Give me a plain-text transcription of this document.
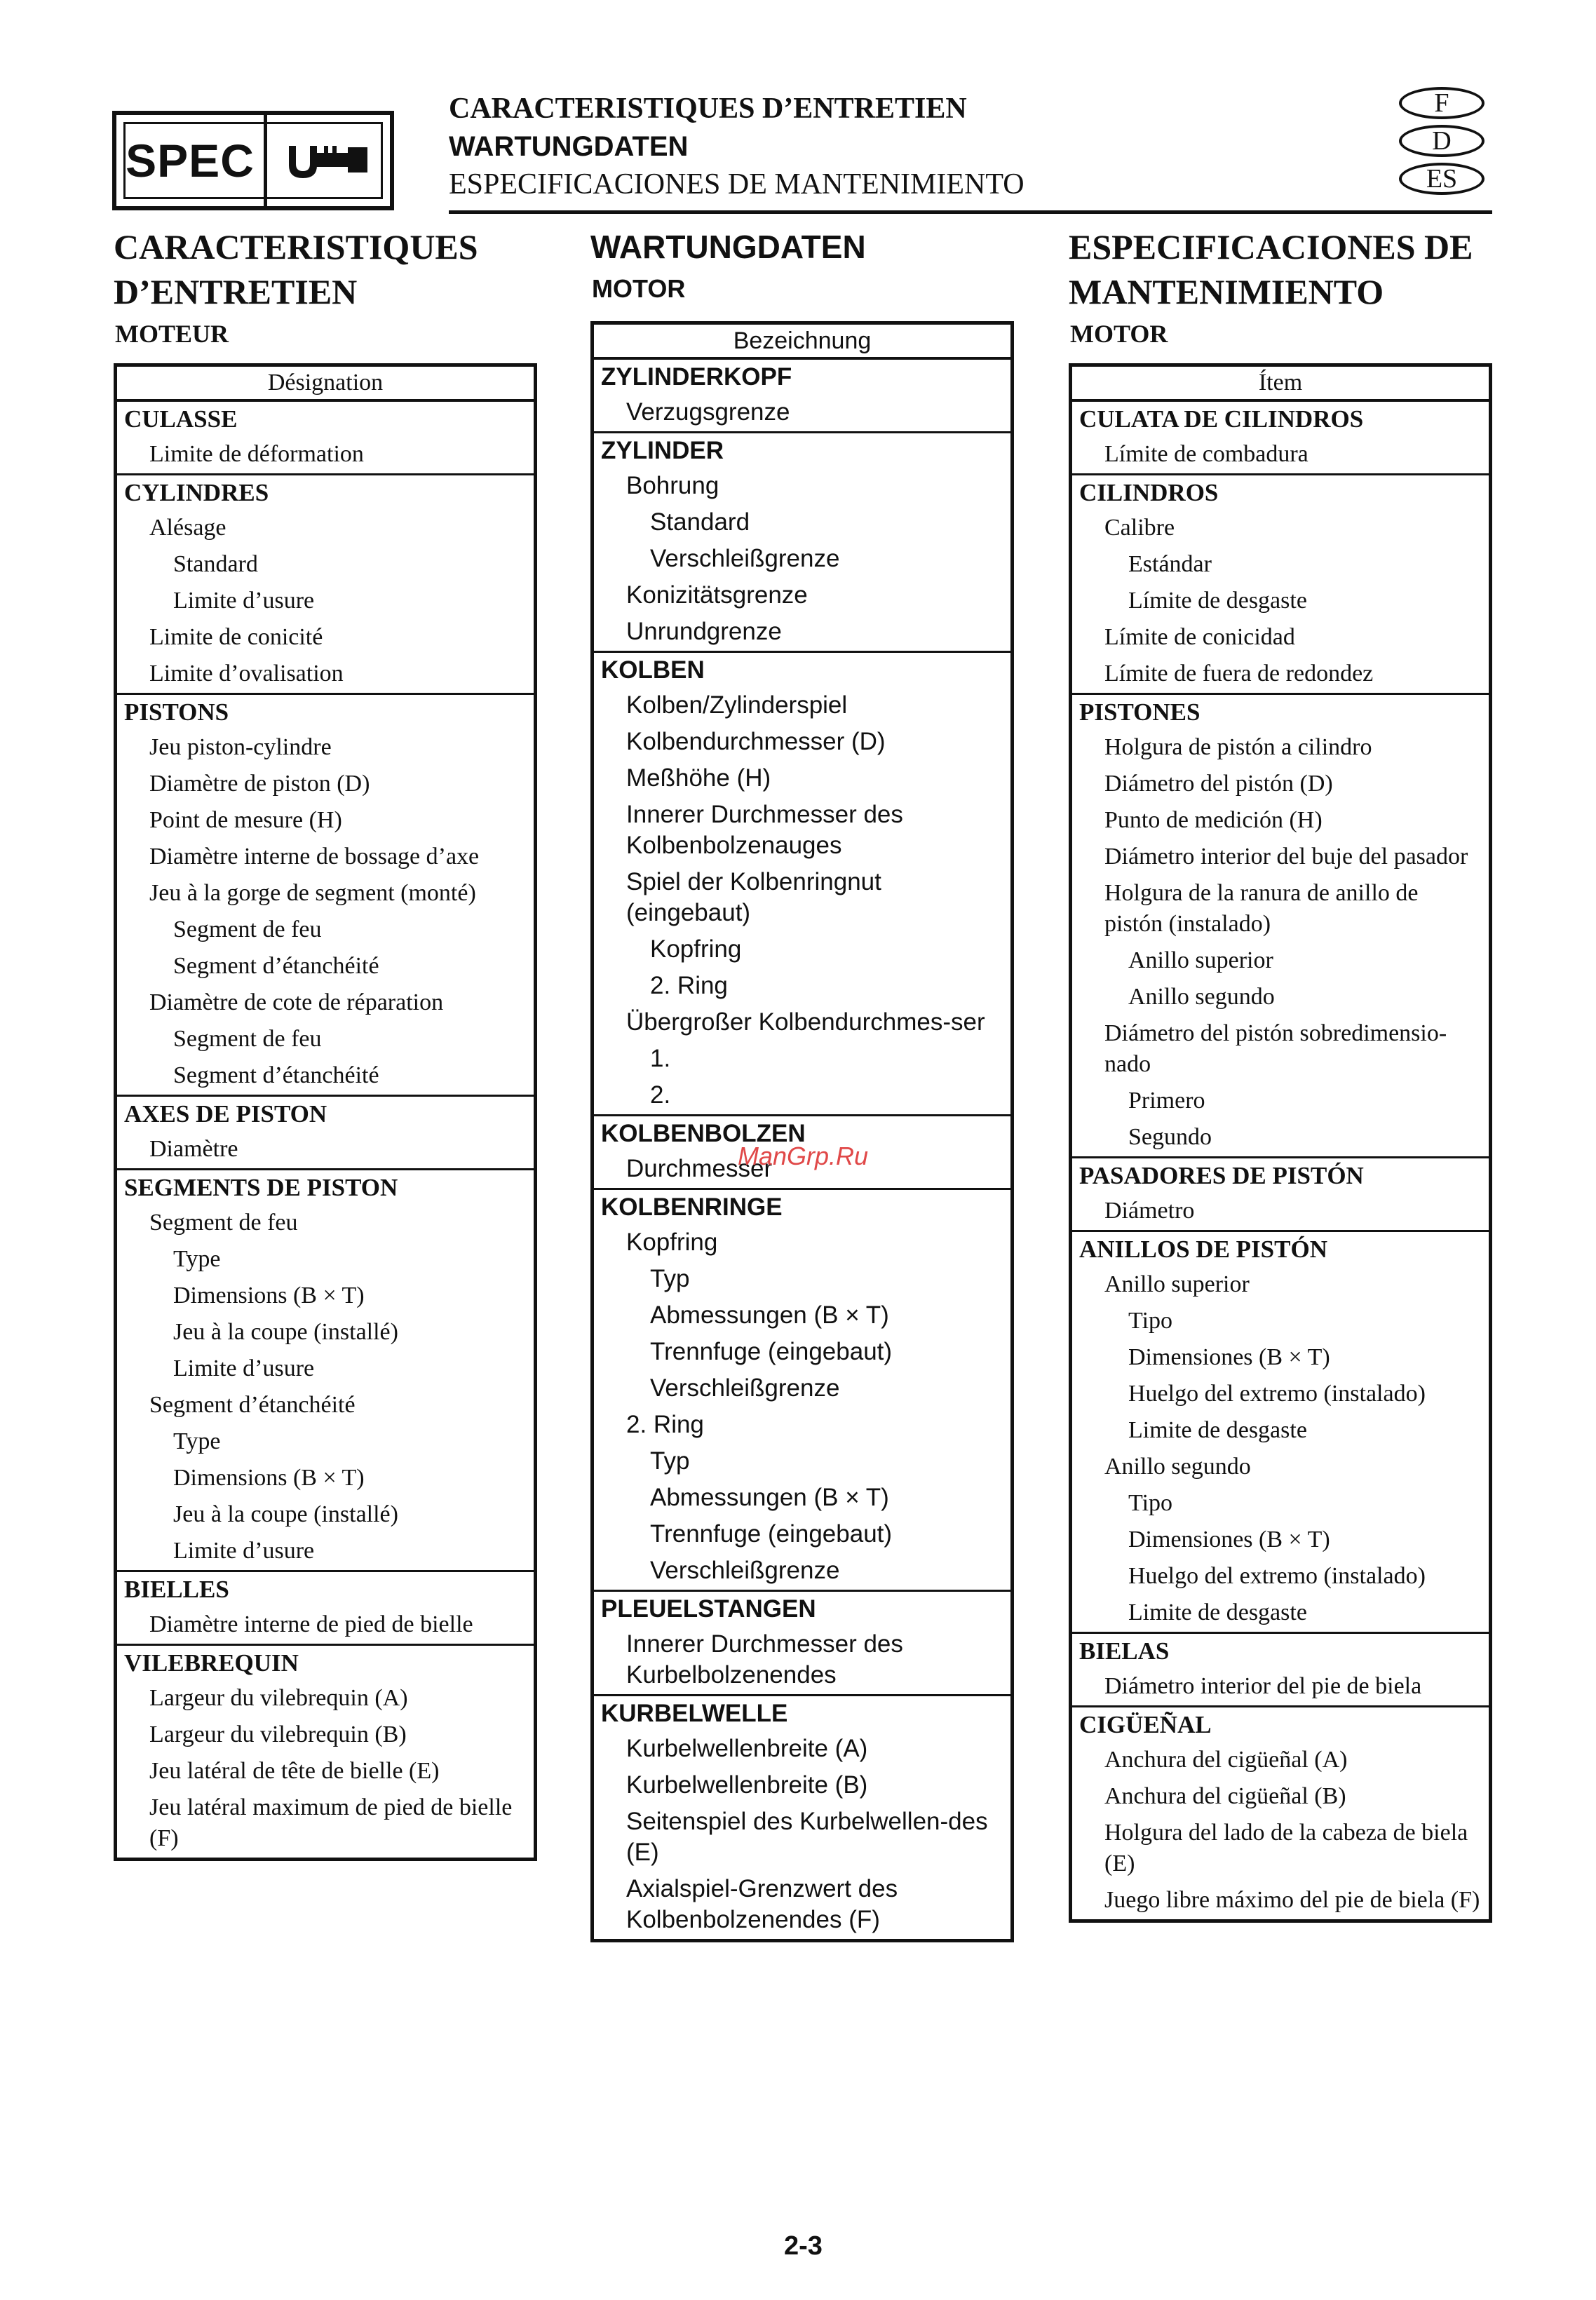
SPEC
CARACTERISTIQUES D’ENTRETIEN
WARTUNGDATEN
ESPECIFICACIONES DE MANTENIMIENTO
F
D
ES
CARACTERISTIQUES
D’ENTRETIEN
MOTEUR
Désignation
CULASSE
Limite de déformation
CYLINDRES
Alésage
Standard
Limite d’usure
Limite de conicité
Limite d’ovalisation
PISTONS
Jeu piston-cylindre
Diamètre de piston (D)
Point de mesure (H)
Diamètre interne de bossage d’axe
Jeu à la gorge de segment (monté)
Segment de feu
Segment d’étanchéité
Diamètre de cote de réparation
Segment de feu
Segment d’étanchéité
AXES DE PISTON
Diamètre
SEGMENTS DE PISTON
Segment de feu
Type
Dimensions (B × T)
Jeu à la coupe (installé)
Limite d’usure
Segment d’étanchéité
Type
Dimensions (B × T)
Jeu à la coupe (installé)
Limite d’usure
BIELLES
Diamètre interne de pied de bielle
VILEBREQUIN
Largeur du vilebrequin (A)
Largeur du vilebrequin (B)
Jeu latéral de tête de bielle (E)
Jeu latéral maximum de pied de bielle (F)
WARTUNGDATEN
MOTOR
Bezeichnung
ZYLINDERKOPF
Verzugsgrenze
ZYLINDER
Bohrung
Standard
Verschleißgrenze
Konizitätsgrenze
Unrundgrenze
KOLBEN
Kolben/Zylinderspiel
Kolbendurchmesser (D)
Meßhöhe (H)
Innerer Durchmesser des Kolbenbolzenauges
Spiel der Kolbenringnut (eingebaut)
Kopfring
2. Ring
Übergroßer Kolbendurchmes-ser
1.
2.
KOLBENBOLZEN
Durchmesser
KOLBENRINGE
Kopfring
Typ
Abmessungen (B × T)
Trennfuge (eingebaut)
Verschleißgrenze
2. Ring
Typ
Abmessungen (B × T)
Trennfuge (eingebaut)
Verschleißgrenze
PLEUELSTANGEN
Innerer Durchmesser des Kurbelbolzenendes
KURBELWELLE
Kurbelwellenbreite (A)
Kurbelwellenbreite (B)
Seitenspiel des Kurbelwellen-des (E)
Axialspiel-Grenzwert des Kolbenbolzenendes (F)
ESPECIFICACIONES DE
MANTENIMIENTO
MOTOR
Ítem
CULATA DE CILINDROS
Límite de combadura
CILINDROS
Calibre
Estándar
Límite de desgaste
Límite de conicidad
Límite de fuera de redondez
PISTONES
Holgura de pistón a cilindro
Diámetro del pistón (D)
Punto de medición (H)
Diámetro interior del buje del pasador
Holgura de la ranura de anillo de pistón (instalado)
Anillo superior
Anillo segundo
Diámetro del pistón sobredimensio-nado
Primero
Segundo
PASADORES DE PISTÓN
Diámetro
ANILLOS DE PISTÓN
Anillo superior
Tipo
Dimensiones (B × T)
Huelgo del extremo (instalado)
Limite de desgaste
Anillo segundo
Tipo
Dimensiones (B × T)
Huelgo del extremo (instalado)
Limite de desgaste
BIELAS
Diámetro interior del pie de biela
CIGÜEÑAL
Anchura del cigüeñal (A)
Anchura del cigüeñal (B)
Holgura del lado de la cabeza de biela (E)
Juego libre máximo del pie de biela (F)
ManGrp.Ru
2-3
